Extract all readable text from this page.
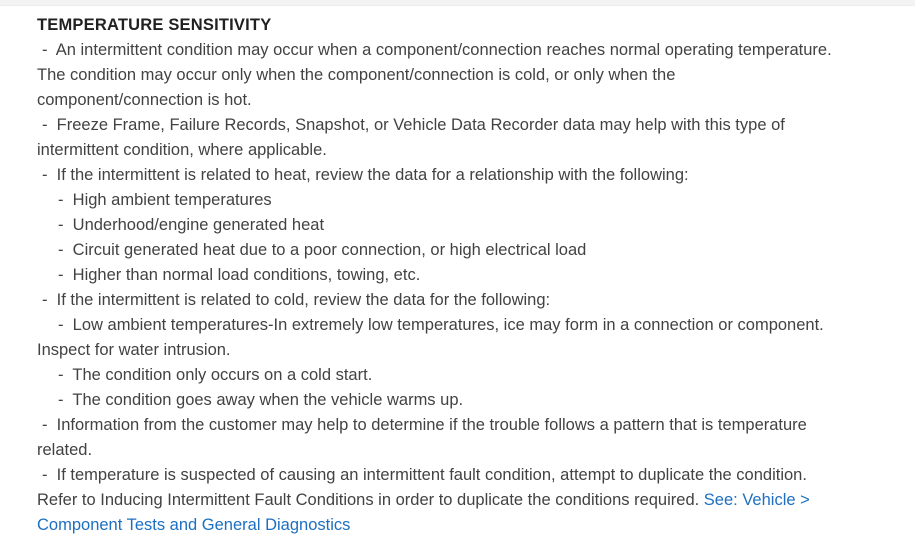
TEMPERATURE SENSITIVITY

-  An intermittent condition may occur when a component/connection reaches normal operating temperature. The condition may occur only when the component/connection is cold, or only when the component/connection is hot.

-  Freeze Frame, Failure Records, Snapshot, or Vehicle Data Recorder data may help with this type of intermittent condition, where applicable.

-  If the intermittent is related to heat, review the data for a relationship with the following:

-  High ambient temperatures

-  Underhood/engine generated heat

-  Circuit generated heat due to a poor connection, or high electrical load

-  Higher than normal load conditions, towing, etc.

-  If the intermittent is related to cold, review the data for the following:

-  Low ambient temperatures-In extremely low temperatures, ice may form in a connection or component. Inspect for water intrusion.

-  The condition only occurs on a cold start.

-  The condition goes away when the vehicle warms up.

-  Information from the customer may help to determine if the trouble follows a pattern that is temperature related.

-  If temperature is suspected of causing an intermittent fault condition, attempt to duplicate the condition. Refer to Inducing Intermittent Fault Conditions in order to duplicate the conditions required. See: Vehicle > Component Tests and General Diagnostics
